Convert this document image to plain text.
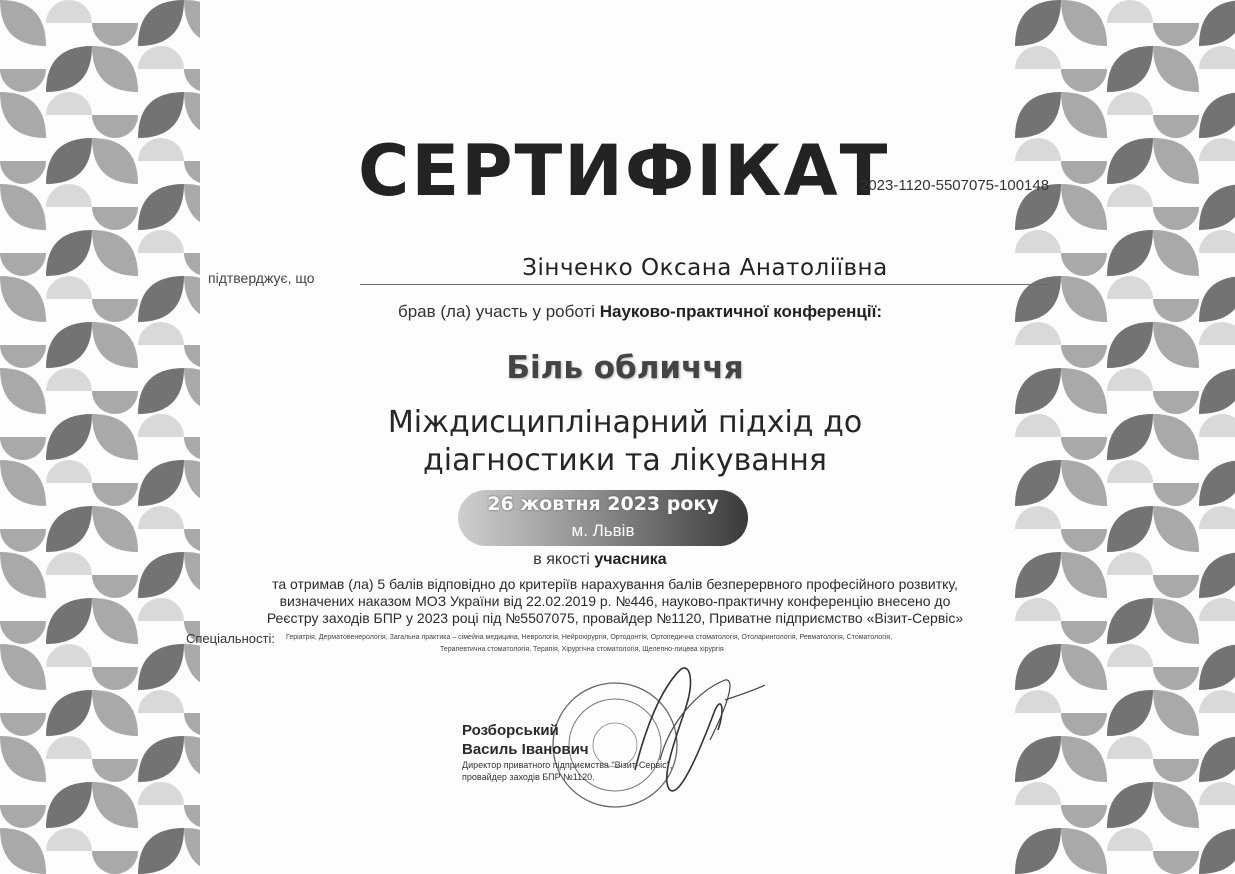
СЕРТИФІКАТ
2023-1120-5507075-100148
підтверджує, що	Зінченко Оксана Анатоліївна
брав (ла) участь у роботі Науково-практичної конференції:
Біль обличчя
Міждисциплінарний підхід до
діагностики та лікування
26 жовтня 2023 року
м. Львів
в якості учасника
та отримав (ла) 5 балів відповідно до критеріїв нарахування балів безперервного професійного розвитку,
визначених наказом МОЗ України від 22.02.2019 р. №446, науково-практичну конференцію внесено до
Реєстру заходів БПР у 2023 році під №5507075, провайдер №1120, Приватне підприємство «Візит-Сервіс»
Спеціальності: Геріатрія, Дерматовенерологія, Загальна практика – сімейна медицина, Неврологія, Нейрохірургія, Ортодонтія, Ортопедична стоматологія, Отоларингологія, Ревматологія, Стоматологія,
Терапевтична стоматологія, Терапія, Хірургічна стоматологія, Щелепно-лицева хірургія
Розборський
Василь Іванович
Директор приватного підприємства "Візит-Сервіс",
провайдер заходів БПР №1120.
